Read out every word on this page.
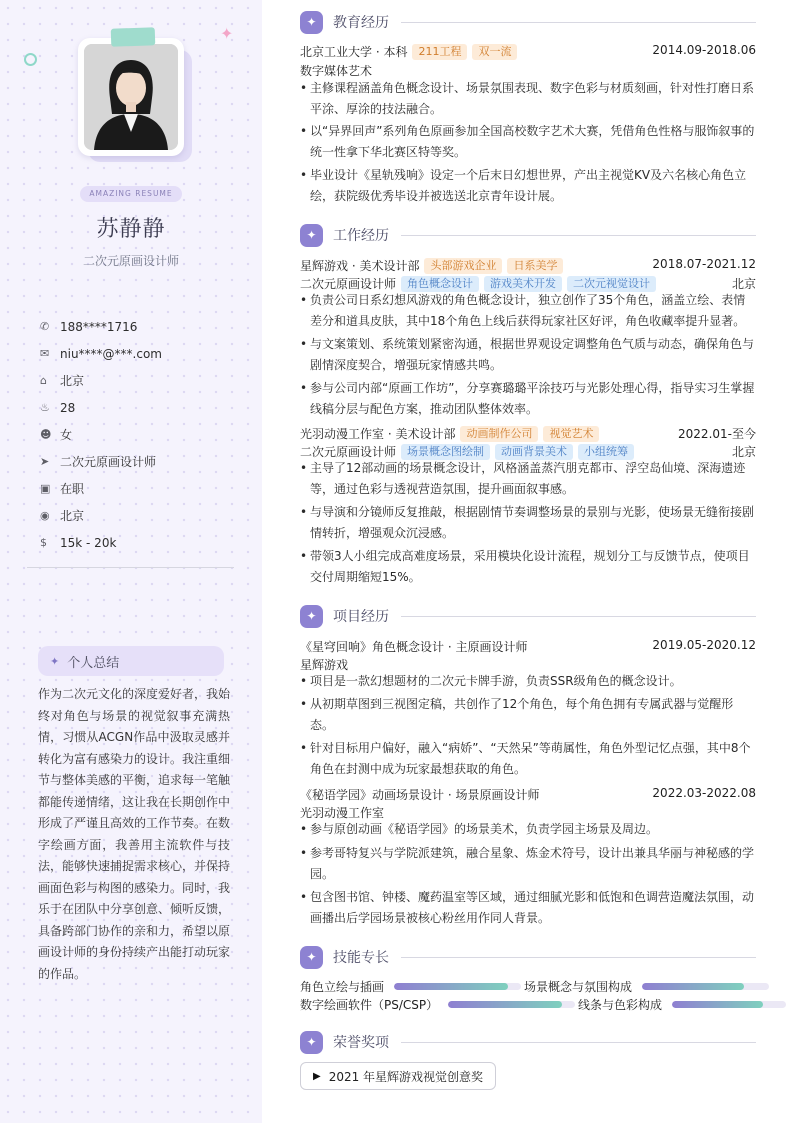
✦
AMAZING RESUME
苏静静
二次元原画设计师
✆ 188****1716
✉ niu****@***.com
⌂	北京
♨ 28
☻ 女
➤ 二次元原画设计师
▣ 在职
◉ 北京
$	15k - 20k
✦ 个人总结
作为二次元文化的深度爱好者，我始终对角色与场景的视觉叙事充满热情，习惯从ACGN作品中汲取灵感并转化为富有感染力的设计。我注重细节与整体美感的平衡，追求每一笔触都能传递情绪，这让我在长期创作中形成了严谨且高效的工作节奏。在数字绘画方面，我善用主流软件与技法，能够快速捕捉需求核心，并保持画面色彩与构图的感染力。同时，我乐于在团队中分享创意、倾听反馈，具备跨部门协作的亲和力，希望以原画设计师的身份持续产出能打动玩家的作品。
✦	教育经历
北京工业大学 · 本科 211工程 双一流	2014.09-2018.06
数字媒体艺术
• 主修课程涵盖角色概念设计、场景氛围表现、数字色彩与材质刻画，针对性打磨日系平涂、厚涂的技法融合。
• 以“异界回声”系列角色原画参加全国高校数字艺术大赛，凭借角色性格与服饰叙事的统一性拿下华北赛区特等奖。
• 毕业设计《星轨残响》设定一个后末日幻想世界，产出主视觉KV及六名核心角色立绘，获院级优秀毕设并被选送北京青年设计展。
✦	工作经历
星辉游戏 · 美术设计部 头部游戏企业 日系美学	2018.07-2021.12
二次元原画设计师 角色概念设计 游戏美术开发 二次元视觉设计	北京
• 负责公司日系幻想风游戏的角色概念设计，独立创作了35个角色，涵盖立绘、表情差分和道具皮肤，其中18个角色上线后获得玩家社区好评，角色收藏率提升显著。
• 与文案策划、系统策划紧密沟通，根据世界观设定调整角色气质与动态，确保角色与剧情深度契合，增强玩家情感共鸣。
• 参与公司内部“原画工作坊”，分享赛璐璐平涂技巧与光影处理心得，指导实习生掌握线稿分层与配色方案，推动团队整体效率。
光羽动漫工作室 · 美术设计部 动画制作公司 视觉艺术	2022.01-至今
二次元原画设计师 场景概念图绘制 动画背景美术 小组统筹	北京
• 主导了12部动画的场景概念设计，风格涵盖蒸汽朋克都市、浮空岛仙境、深海遗迹等，通过色彩与透视营造氛围，提升画面叙事感。
• 与导演和分镜师反复推敲，根据剧情节奏调整场景的景别与光影，使场景无缝衔接剧情转折，增强观众沉浸感。
• 带领3人小组完成高难度场景，采用模块化设计流程，规划分工与反馈节点，使项目交付周期缩短15%。
✦	项目经历
《星穹回响》角色概念设计 · 主原画设计师	2019.05-2020.12
星辉游戏
• 项目是一款幻想题材的二次元卡牌手游，负责SSR级角色的概念设计。
• 从初期草图到三视图定稿，共创作了12个角色，每个角色拥有专属武器与觉醒形态。
• 针对目标用户偏好，融入“病娇”、“天然呆”等萌属性，角色外型记忆点强，其中8个角色在封测中成为玩家最想获取的角色。
《秘语学园》动画场景设计 · 场景原画设计师	2022.03-2022.08
光羽动漫工作室
• 参与原创动画《秘语学园》的场景美术，负责学园主场景及周边。
• 参考哥特复兴与学院派建筑，融合星象、炼金术符号，设计出兼具华丽与神秘感的学园。
• 包含图书馆、钟楼、魔药温室等区域，通过细腻光影和低饱和色调营造魔法氛围，动画播出后学园场景被核心粉丝用作同人背景。
✦	技能专长
角色立绘与插画	场景概念与氛围构成
数字绘画软件（PS/CSP）	线条与色彩构成
✦	荣誉奖项
▶ 2021 年星辉游戏视觉创意奖
